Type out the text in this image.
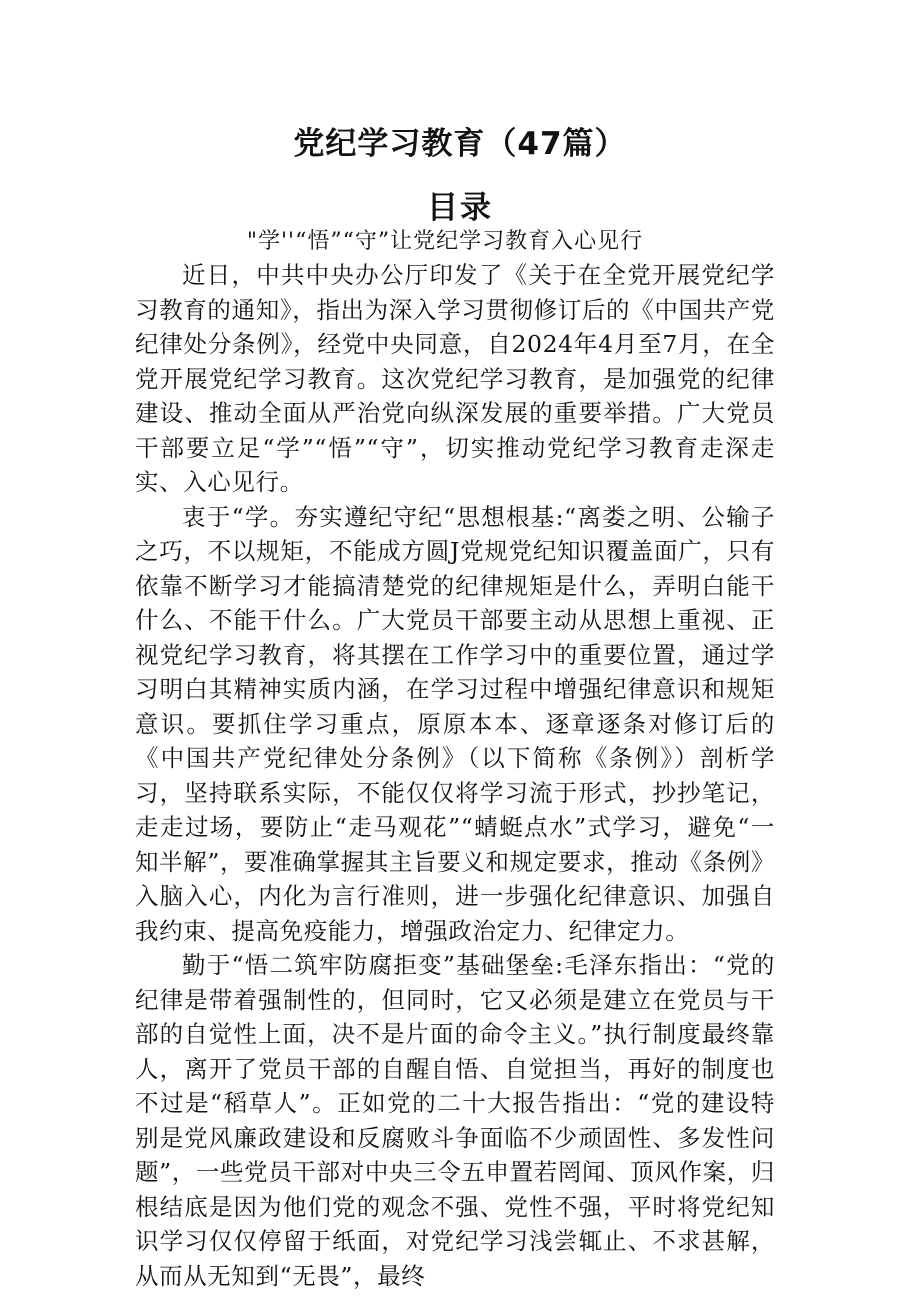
党纪学习教育（47篇）
目录
"学''“悟”“守”让党纪学习教育入心见行

近日，中共中央办公厅印发了《关于在全党开展党纪学习教育的通知》，指出为深入学习贯彻修订后的《中国共产党纪律处分条例》，经党中央同意，自2024年4月至7月，在全党开展党纪学习教育。这次党纪学习教育，是加强党的纪律建设、推动全面从严治党向纵深发展的重要举措。广大党员干部要立足“学”“悟”“守”，切实推动党纪学习教育走深走实、入心见行。

衷于“学。夯实遵纪守纪“思想根基:“离娄之明、公输子之巧，不以规矩，不能成方圆J党规党纪知识覆盖面广，只有依靠不断学习才能搞清楚党的纪律规矩是什么，弄明白能干什么、不能干什么。广大党员干部要主动从思想上重视、正视党纪学习教育，将其摆在工作学习中的重要位置，通过学习明白其精神实质内涵，在学习过程中增强纪律意识和规矩意识。要抓住学习重点，原原本本、逐章逐条对修订后的《中国共产党纪律处分条例》（以下简称《条例》）剖析学习，坚持联系实际，不能仅仅将学习流于形式，抄抄笔记，走走过场，要防止“走马观花”“蜻蜓点水”式学习，避免“一知半解”，要准确掌握其主旨要义和规定要求，推动《条例》入脑入心，内化为言行准则，进一步强化纪律意识、加强自我约束、提高免疫能力，增强政治定力、纪律定力。

勤于“悟二筑牢防腐拒变”基础堡垒:毛泽东指出：“党的纪律是带着强制性的，但同时，它又必须是建立在党员与干部的自觉性上面，决不是片面的命令主义。”执行制度最终靠人，离开了党员干部的自醒自悟、自觉担当，再好的制度也不过是“稻草人”。正如党的二十大报告指出：“党的建设特别是党风廉政建设和反腐败斗争面临不少顽固性、多发性问题”，一些党员干部对中央三令五申置若罔闻、顶风作案，归根结底是因为他们党的观念不强、党性不强，平时将党纪知识学习仅仅停留于纸面，对党纪学习浅尝辄止、不求甚解，从而从无知到“无畏”，最终
